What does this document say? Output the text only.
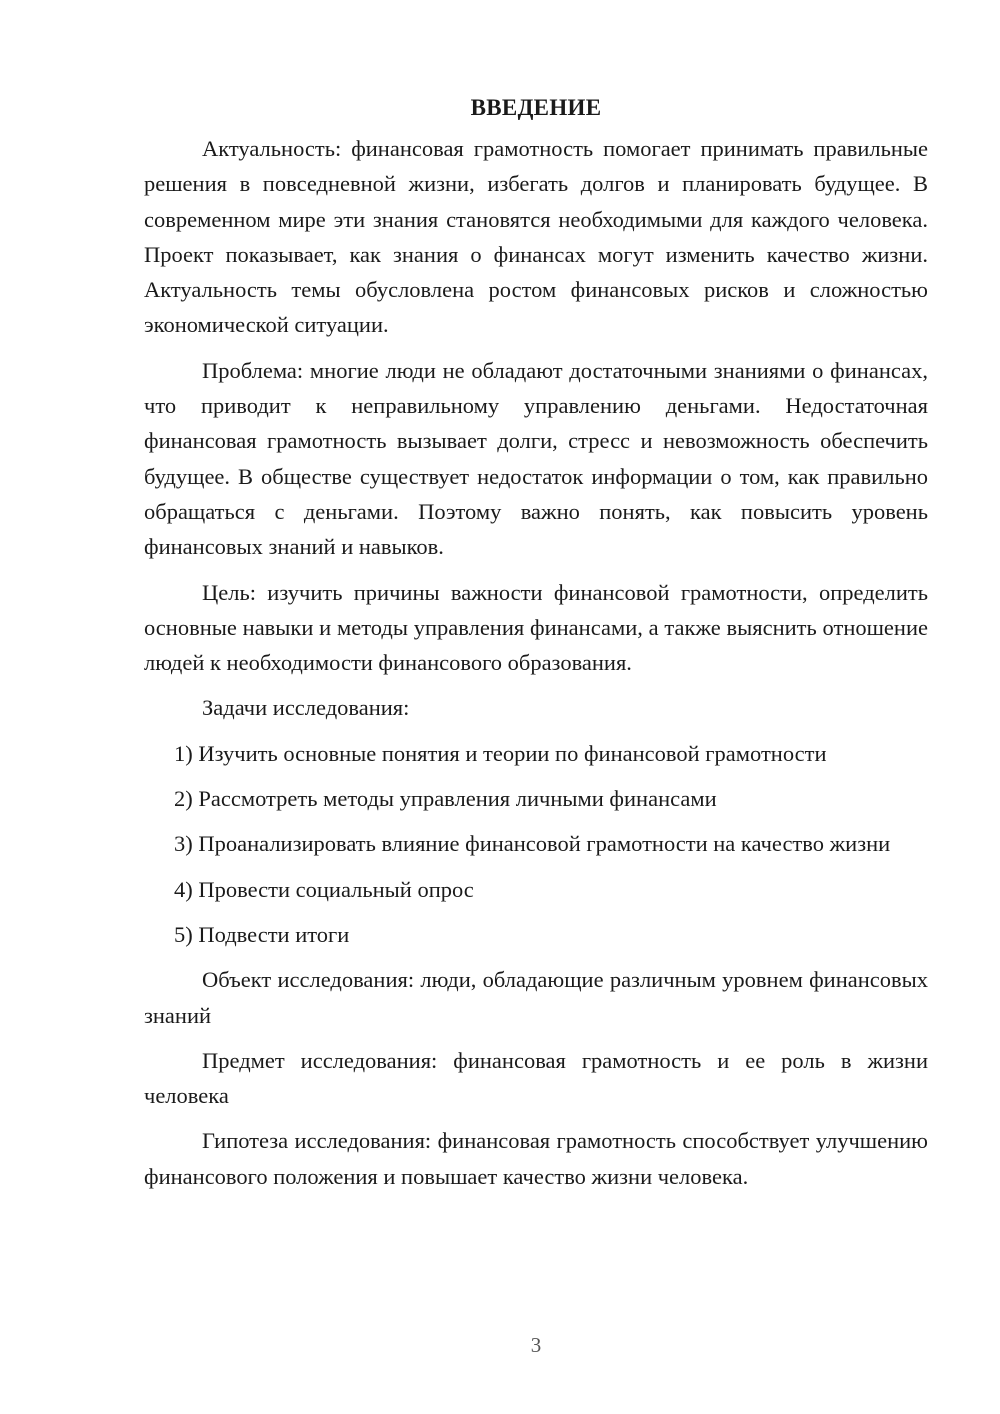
ВВЕДЕНИЕ

Актуальность: финансовая грамотность помогает принимать правильные решения в повседневной жизни, избегать долгов и планировать будущее. В современном мире эти знания становятся необходимыми для каждого человека. Проект показывает, как знания о финансах могут изменить качество жизни. Актуальность темы обусловлена ростом финансовых рисков и сложностью экономической ситуации.

Проблема: многие люди не обладают достаточными знаниями о финансах, что приводит к неправильному управлению деньгами. Недостаточная финансовая грамотность вызывает долги, стресс и невозможность обеспечить будущее. В обществе существует недостаток информации о том, как правильно обращаться с деньгами. Поэтому важно понять, как повысить уровень финансовых знаний и навыков.

Цель: изучить причины важности финансовой грамотности, определить основные навыки и методы управления финансами, а также выяснить отношение людей к необходимости финансового образования.

Задачи исследования:

1) Изучить основные понятия и теории по финансовой грамотности

2) Рассмотреть методы управления личными финансами

3) Проанализировать влияние финансовой грамотности на качество жизни

4) Провести социальный опрос

5) Подвести итоги

Объект исследования: люди, обладающие различным уровнем финансовых знаний

Предмет исследования: финансовая грамотность и ее роль в жизни человека

Гипотеза исследования: финансовая грамотность способствует улучшению финансового положения и повышает качество жизни человека.

3
